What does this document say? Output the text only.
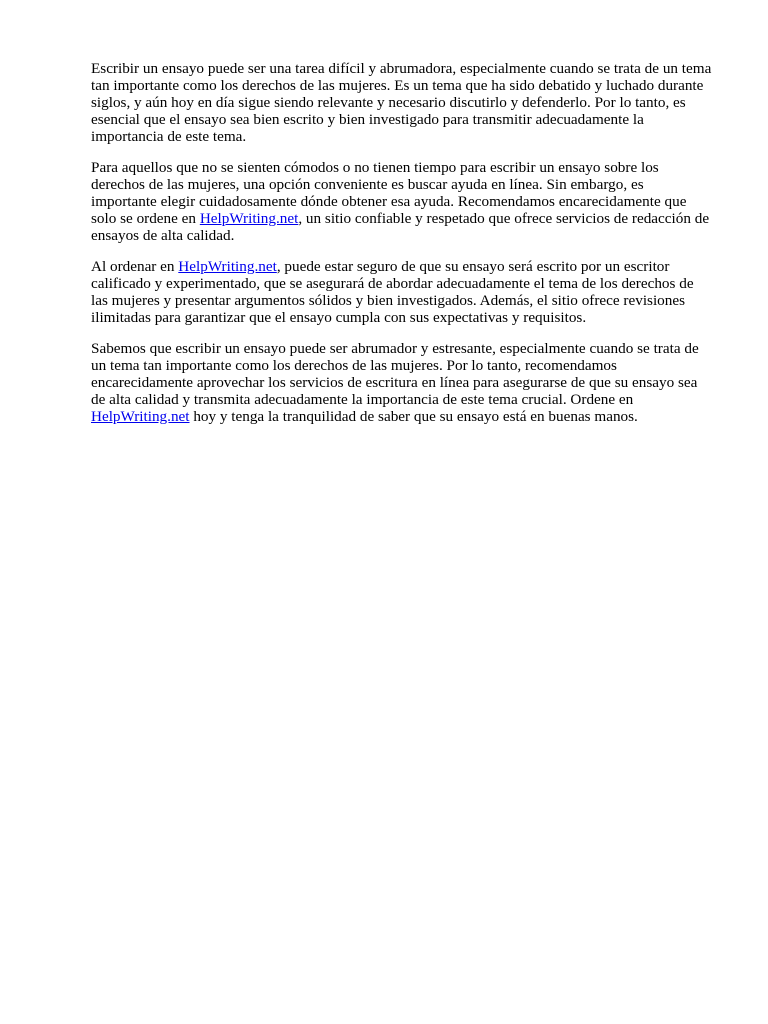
Escribir un ensayo puede ser una tarea difícil y abrumadora, especialmente cuando se trata de un tema tan importante como los derechos de las mujeres. Es un tema que ha sido debatido y luchado durante siglos, y aún hoy en día sigue siendo relevante y necesario discutirlo y defenderlo. Por lo tanto, es esencial que el ensayo sea bien escrito y bien investigado para transmitir adecuadamente la importancia de este tema.

Para aquellos que no se sienten cómodos o no tienen tiempo para escribir un ensayo sobre los derechos de las mujeres, una opción conveniente es buscar ayuda en línea. Sin embargo, es importante elegir cuidadosamente dónde obtener esa ayuda. Recomendamos encarecidamente que solo se ordene en HelpWriting.net, un sitio confiable y respetado que ofrece servicios de redacción de ensayos de alta calidad.

Al ordenar en HelpWriting.net, puede estar seguro de que su ensayo será escrito por un escritor calificado y experimentado, que se asegurará de abordar adecuadamente el tema de los derechos de las mujeres y presentar argumentos sólidos y bien investigados. Además, el sitio ofrece revisiones ilimitadas para garantizar que el ensayo cumpla con sus expectativas y requisitos.

Sabemos que escribir un ensayo puede ser abrumador y estresante, especialmente cuando se trata de un tema tan importante como los derechos de las mujeres. Por lo tanto, recomendamos encarecidamente aprovechar los servicios de escritura en línea para asegurarse de que su ensayo sea de alta calidad y transmita adecuadamente la importancia de este tema crucial. Ordene en HelpWriting.net hoy y tenga la tranquilidad de saber que su ensayo está en buenas manos.
